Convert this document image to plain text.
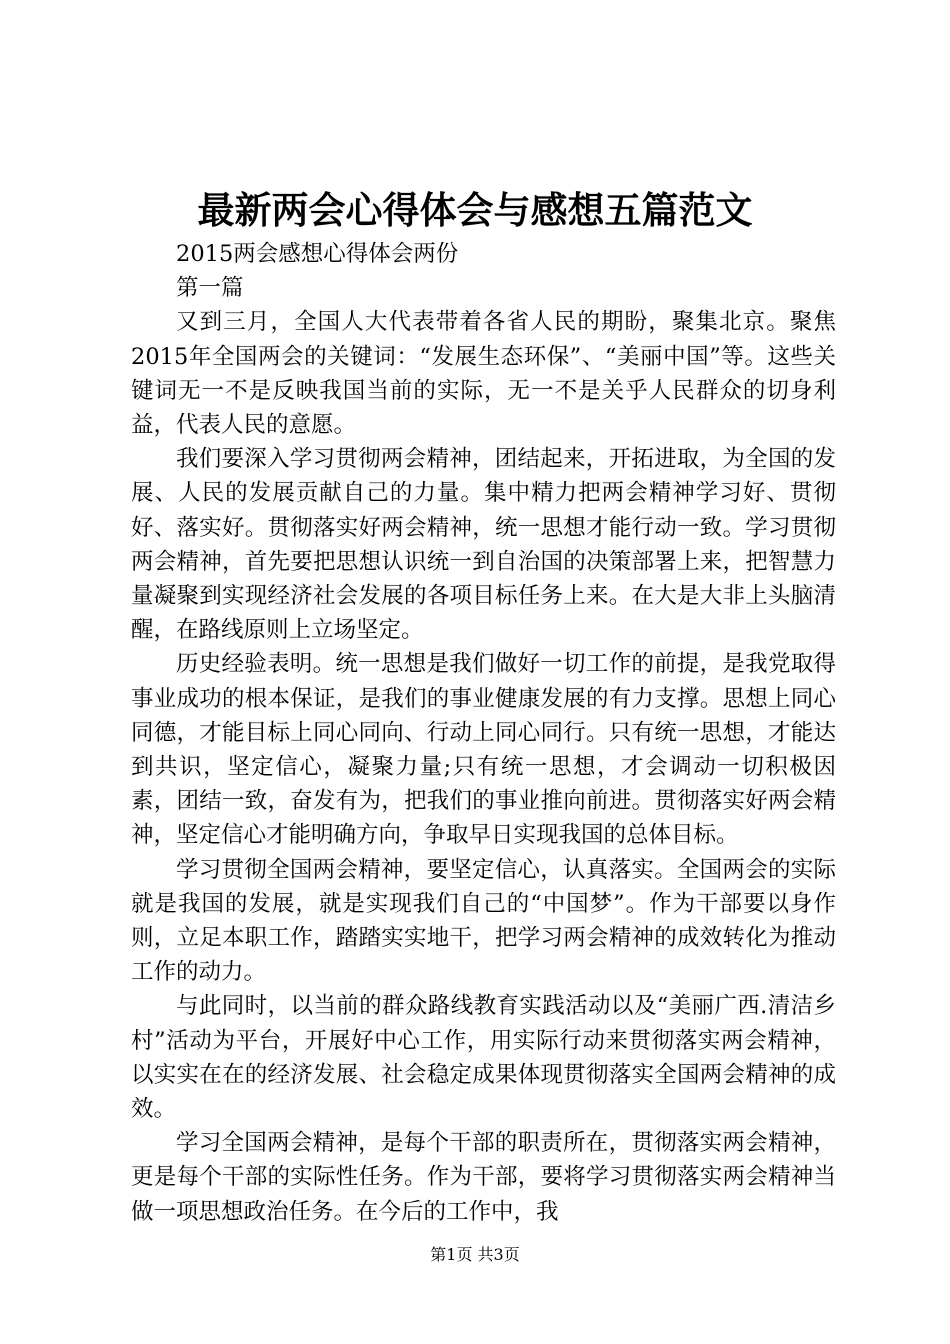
最新两会心得体会与感想五篇范文

2015两会感想心得体会两份

第一篇

又到三月，全国人大代表带着各省人民的期盼，聚集北京。聚焦2015年全国两会的关键词：“发展生态环保”、“美丽中国”等。这些关键词无一不是反映我国当前的实际，无一不是关乎人民群众的切身利益，代表人民的意愿。

我们要深入学习贯彻两会精神，团结起来，开拓进取，为全国的发展、人民的发展贡献自己的力量。集中精力把两会精神学习好、贯彻好、落实好。贯彻落实好两会精神，统一思想才能行动一致。学习贯彻两会精神，首先要把思想认识统一到自治国的决策部署上来，把智慧力量凝聚到实现经济社会发展的各项目标任务上来。在大是大非上头脑清醒，在路线原则上立场坚定。

历史经验表明。统一思想是我们做好一切工作的前提，是我党取得事业成功的根本保证，是我们的事业健康发展的有力支撑。思想上同心同德，才能目标上同心同向、行动上同心同行。只有统一思想，才能达到共识，坚定信心，凝聚力量;只有统一思想，才会调动一切积极因素，团结一致，奋发有为，把我们的事业推向前进。贯彻落实好两会精神，坚定信心才能明确方向，争取早日实现我国的总体目标。

学习贯彻全国两会精神，要坚定信心，认真落实。全国两会的实际就是我国的发展，就是实现我们自己的“中国梦”。作为干部要以身作则，立足本职工作，踏踏实实地干，把学习两会精神的成效转化为推动工作的动力。

与此同时，以当前的群众路线教育实践活动以及“美丽广西.清洁乡村”活动为平台，开展好中心工作，用实际行动来贯彻落实两会精神，以实实在在的经济发展、社会稳定成果体现贯彻落实全国两会精神的成效。

学习全国两会精神，是每个干部的职责所在，贯彻落实两会精神，更是每个干部的实际性任务。作为干部，要将学习贯彻落实两会精神当做一项思想政治任务。在今后的工作中，我

第1页 共3页
